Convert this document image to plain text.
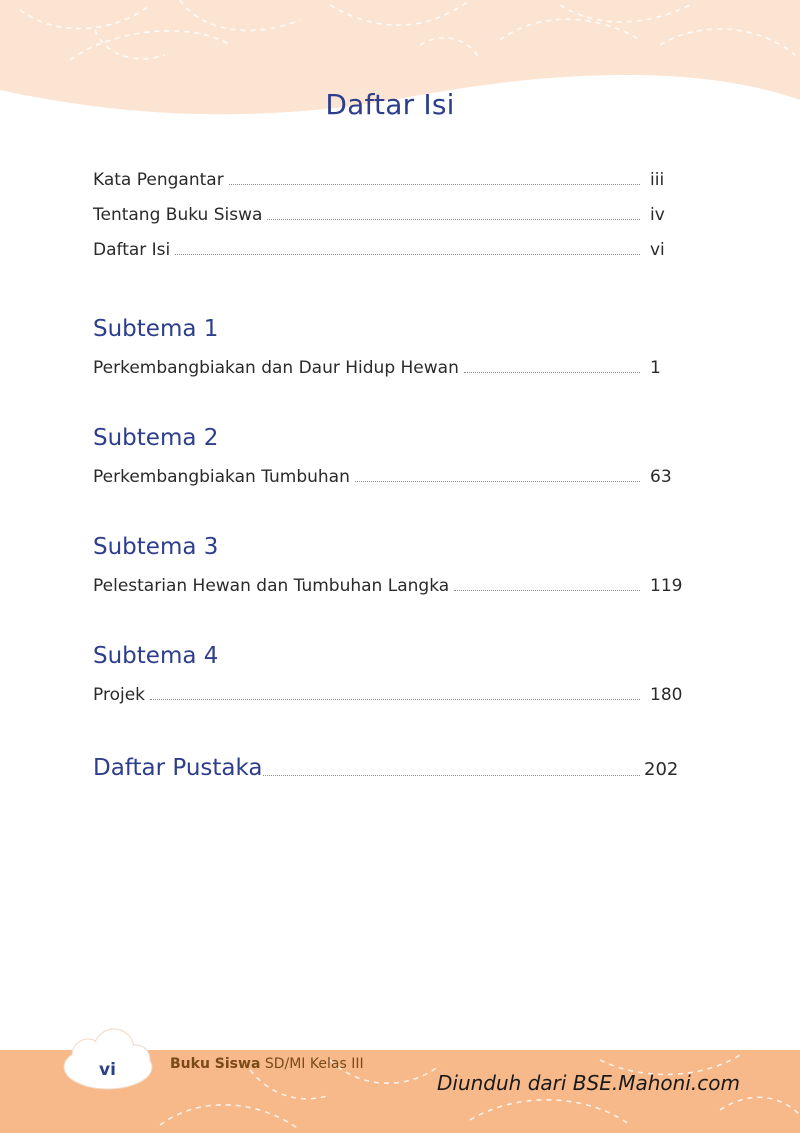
Daftar Isi
Kata Pengantar	iii
Tentang Buku Siswa	iv
Daftar Isi	vi
Subtema 1
Perkembangbiakan dan Daur Hidup Hewan	1
Subtema 2
Perkembangbiakan Tumbuhan	63
Subtema 3
Pelestarian Hewan dan Tumbuhan Langka	119
Subtema 4
Projek	180
Daftar Pustaka	202
vi	Buku Siswa SD/MI Kelas III
Diunduh dari BSE.Mahoni.com
